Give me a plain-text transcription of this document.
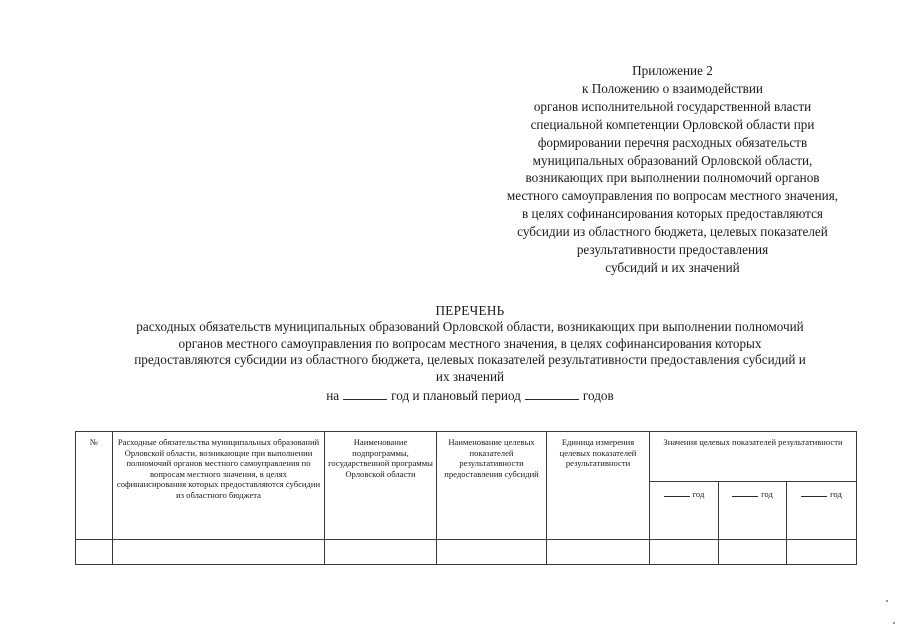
Приложение 2
к Положению о взаимодействии
органов исполнительной государственной власти
специальной компетенции Орловской области при
формировании перечня расходных обязательств
муниципальных образований Орловской области,
возникающих при выполнении полномочий органов
местного самоуправления по вопросам местного значения,
в целях софинансирования которых предоставляются
субсидии из областного бюджета, целевых показателей
результативности предоставления
субсидий и их значений
ПЕРЕЧЕНЬ
расходных обязательств муниципальных образований Орловской области, возникающих при выполнении полномочий
органов местного самоуправления по вопросам местного значения, в целях софинансирования которых
предоставляются субсидии из областного бюджета, целевых показателей результативности предоставления субсидий и
их значений
на	год и плановый период	годов
№	Расходные обязательства муниципальных образований Орловской области, возникающие при выполнении полномочий органов местного самоуправления по вопросам местного значения, в целях софинансирования которых предоставляются субсидии из областного бюджета	Наименование подпрограммы, государственной программы Орловской области	Наименование целевых показателей результативности предоставления субсидий	Единица измерения целевых показателей результативности	Значения целевых показателей результативности		
					год	год	год
